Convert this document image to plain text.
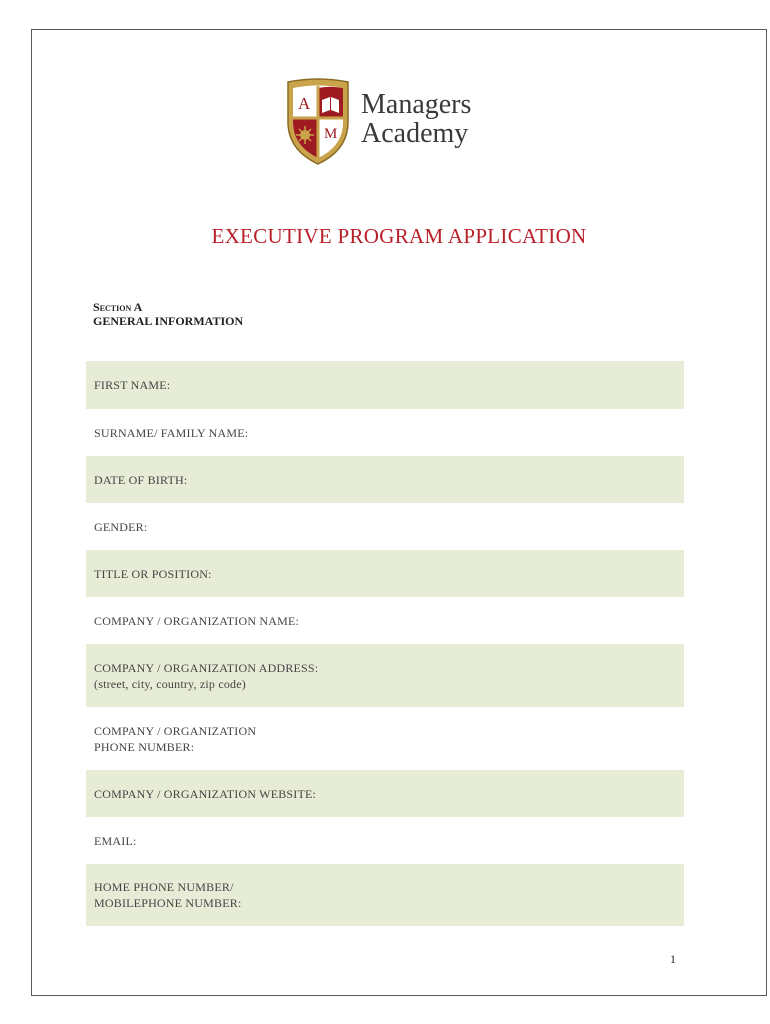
A
M
Managers
Academy
EXECUTIVE PROGRAM APPLICATION
Section A
GENERAL INFORMATION
FIRST NAME:
SURNAME/ FAMILY NAME:
DATE OF BIRTH:
GENDER:
TITLE OR POSITION:
COMPANY / ORGANIZATION NAME:
COMPANY / ORGANIZATION ADDRESS:
(street, city, country, zip code)
COMPANY / ORGANIZATION
PHONE NUMBER:
COMPANY / ORGANIZATION WEBSITE:
EMAIL:
HOME PHONE NUMBER/
MOBILEPHONE NUMBER:
1
